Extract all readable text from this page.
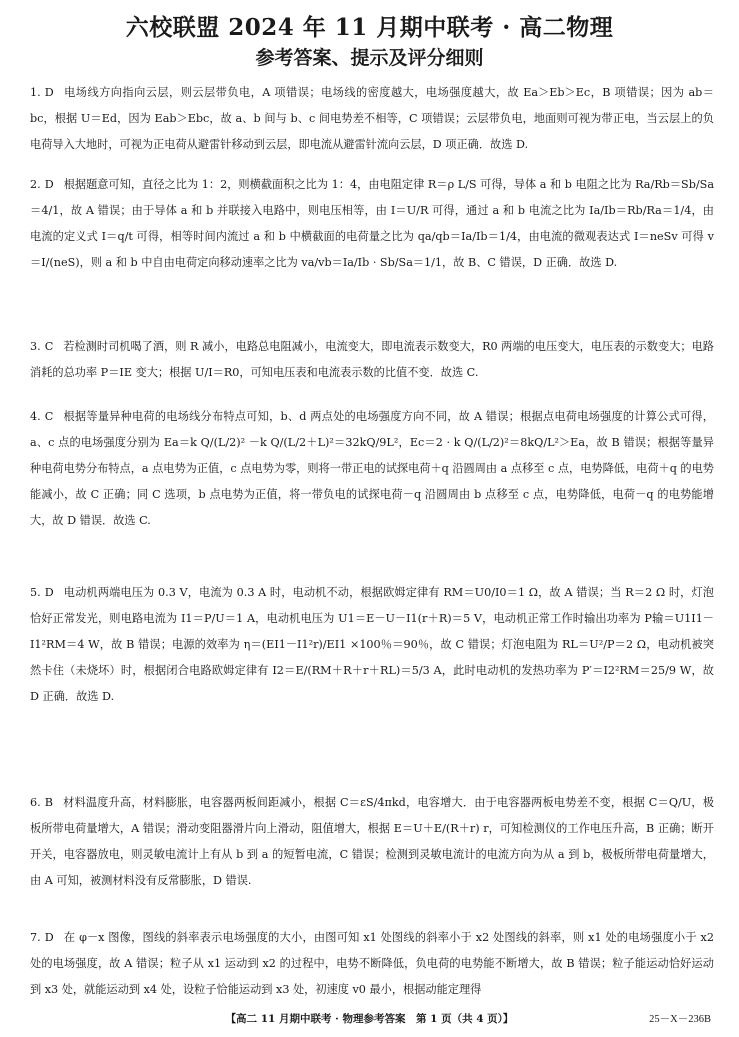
六校联盟 2024 年 11 月期中联考 · 高二物理
参考答案、提示及评分细则
1. D 电场线方向指向云层，则云层带负电，A 项错误；电场线的密度越大，电场强度越大，故 Ea＞Eb＞Ec，B 项错误；因为 ab＝bc，根据 U＝Ed，因为 Eab＞Ebc，故 a、b 间与 b、c 间电势差不相等，C 项错误；云层带负电，地面则可视为带正电，当云层上的负电荷导入大地时，可视为正电荷从避雷针移动到云层，即电流从避雷针流向云层，D 项正确．故选 D.
2. D 根据题意可知，直径之比为 1：2，则横截面积之比为 1：4，由电阻定律 R＝ρ L/S 可得，导体 a 和 b 电阻之比为 Ra/Rb＝Sb/Sa＝4/1，故 A 错误；由于导体 a 和 b 并联接入电路中，则电压相等，由 I＝U/R 可得，通过 a 和 b 电流之比为 Ia/Ib＝Rb/Ra＝1/4，由电流的定义式 I＝q/t 可得，相等时间内流过 a 和 b 中横截面的电荷量之比为 qa/qb＝Ia/Ib＝1/4，由电流的微观表达式 I＝neSv 可得 v＝I/(neS)，则 a 和 b 中自由电荷定向移动速率之比为 va/vb＝Ia/Ib · Sb/Sa＝1/1，故 B、C 错误，D 正确．故选 D.
3. C 若检测时司机喝了酒，则 R 减小，电路总电阻减小，电流变大，即电流表示数变大，R0 两端的电压变大，电压表的示数变大；电路消耗的总功率 P＝IE 变大；根据 U/I＝R0，可知电压表和电流表示数的比值不变．故选 C.
4. C 根据等量异种电荷的电场线分布特点可知，b、d 两点处的电场强度方向不同，故 A 错误；根据点电荷电场强度的计算公式可得，a、c 点的电场强度分别为 Ea＝k Q/(L/2)² －k Q/(L/2＋L)²＝32kQ/9L²，Ec＝2 · k Q/(L/2)²＝8kQ/L²＞Ea，故 B 错误；根据等量异种电荷电势分布特点，a 点电势为正值，c 点电势为零，则将一带正电的试探电荷＋q 沿圆周由 a 点移至 c 点，电势降低，电荷＋q 的电势能减小，故 C 正确；同 C 选项，b 点电势为正值，将一带负电的试探电荷－q 沿圆周由 b 点移至 c 点，电势降低，电荷－q 的电势能增大，故 D 错误．故选 C.
5. D 电动机两端电压为 0.3 V，电流为 0.3 A 时，电动机不动，根据欧姆定律有 RM＝U0/I0＝1 Ω，故 A 错误；当 R＝2 Ω 时，灯泡恰好正常发光，则电路电流为 I1＝P/U＝1 A，电动机电压为 U1＝E－U－I1(r＋R)＝5 V，电动机正常工作时输出功率为 P输＝U1I1－I1²RM＝4 W，故 B 错误；电源的效率为 η＝(EI1－I1²r)/EI1 ×100％＝90％，故 C 错误；灯泡电阻为 RL＝U²/P＝2 Ω，电动机被突然卡住（未烧坏）时，根据闭合电路欧姆定律有 I2＝E/(RM＋R＋r＋RL)＝5/3 A，此时电动机的发热功率为 P′＝I2²RM＝25/9 W，故 D 正确．故选 D.
6. B 材料温度升高，材料膨胀，电容器两板间距减小，根据 C＝εS/4πkd，电容增大．由于电容器两板电势差不变，根据 C＝Q/U，极板所带电荷量增大，A 错误；滑动变阻器滑片向上滑动，阻值增大，根据 E＝U＋E/(R＋r) r，可知检测仪的工作电压升高，B 正确；断开开关，电容器放电，则灵敏电流计上有从 b 到 a 的短暂电流，C 错误；检测到灵敏电流计的电流方向为从 a 到 b，极板所带电荷量增大，由 A 可知，被测材料没有反常膨胀，D 错误.
7. D 在 φ－x 图像，图线的斜率表示电场强度的大小，由图可知 x1 处图线的斜率小于 x2 处图线的斜率，则 x1 处的电场强度小于 x2 处的电场强度，故 A 错误；粒子从 x1 运动到 x2 的过程中，电势不断降低，负电荷的电势能不断增大，故 B 错误；粒子能运动恰好运动到 x3 处，就能运动到 x4 处，设粒子恰能运动到 x3 处，初速度 v0 最小，根据动能定理得
【高二 11 月期中联考 · 物理参考答案　第 1 页（共 4 页）】	25－X－236B
